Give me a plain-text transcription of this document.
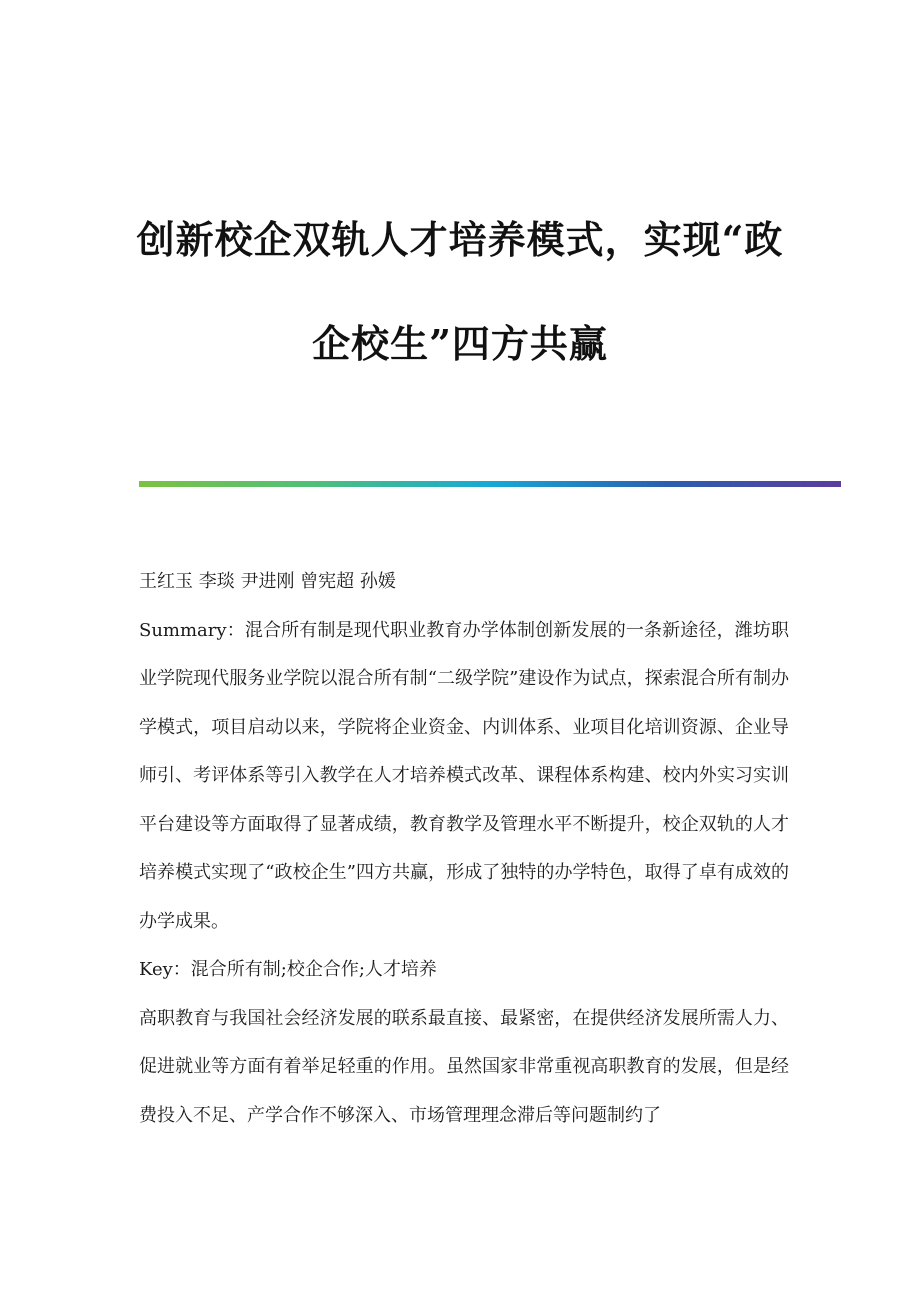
创新校企双轨人才培养模式，实现“政
企校生”四方共赢

王红玉 李琰 尹进刚 曾宪超 孙媛

Summary：混合所有制是现代职业教育办学体制创新发展的一条新途径，潍坊职业学院现代服务业学院以混合所有制“二级学院”建设作为试点，探索混合所有制办学模式，项目启动以来，学院将企业资金、内训体系、业项目化培训资源、企业导师引、考评体系等引入教学在人才培养模式改革、课程体系构建、校内外实习实训平台建设等方面取得了显著成绩，教育教学及管理水平不断提升，校企双轨的人才培养模式实现了“政校企生”四方共赢，形成了独特的办学特色，取得了卓有成效的办学成果。

Key：混合所有制;校企合作;人才培养

高职教育与我国社会经济发展的联系最直接、最紧密，在提供经济发展所需人力、促进就业等方面有着举足轻重的作用。虽然国家非常重视高职教育的发展，但是经费投入不足、产学合作不够深入、市场管理理念滞后等问题制约了
